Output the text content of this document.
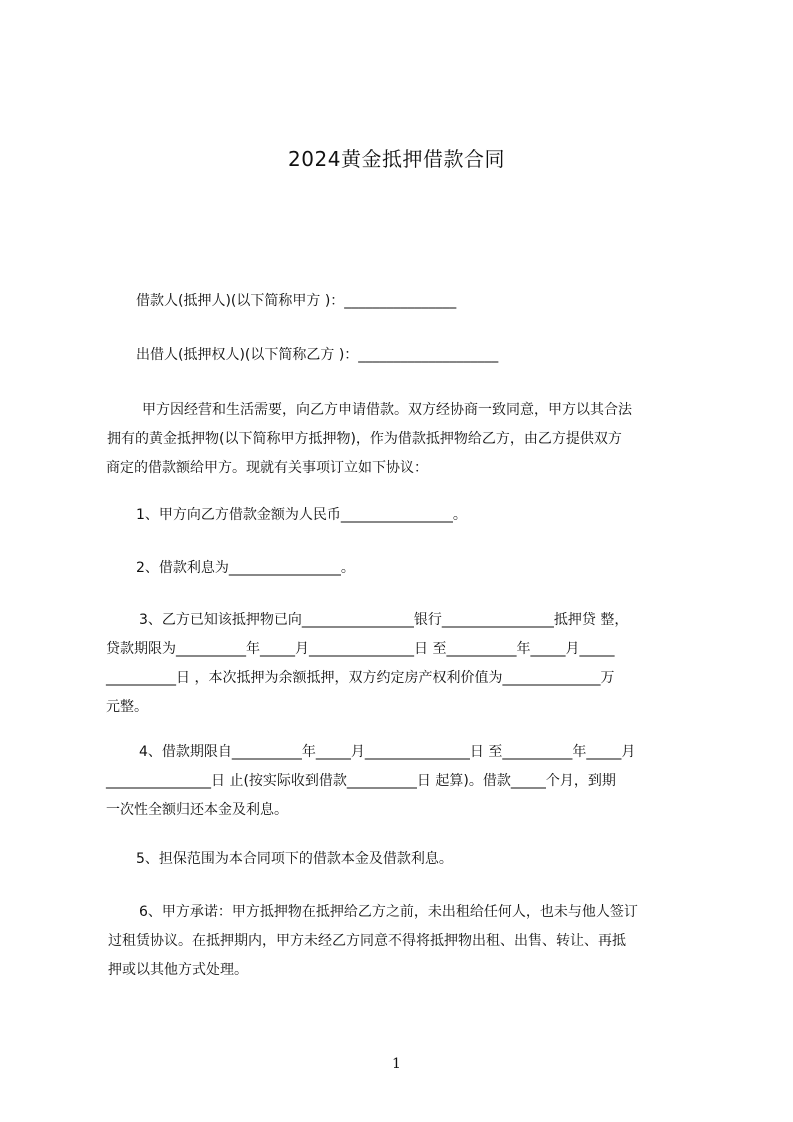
2024黄金抵押借款合同
借款人(抵押人)(以下简称甲方 )：________________
出借人(抵押权人)(以下简称乙方 )：____________________
甲方因经营和生活需要，向乙方申请借款。双方经协商一致同意，甲方以其合法
拥有的黄金抵押物(以下简称甲方抵押物)，作为借款抵押物给乙方，由乙方提供双方
商定的借款额给甲方。现就有关事项订立如下协议：
1、甲方向乙方借款金额为人民币________________。
2、借款利息为________________。
3、乙方已知该抵押物已向________________银行________________抵押贷 整，
贷款期限为__________年_____月_______________日 至__________年_____月_____
__________日 ，本次抵押为余额抵押，双方约定房产权利价值为______________万
元整。
4、借款期限自__________年_____月_______________日 至__________年_____月
_______________日 止(按实际收到借款__________日 起算)。借款_____个月，到期
一次性全额归还本金及利息。
5、担保范围为本合同项下的借款本金及借款利息。
6、甲方承诺：甲方抵押物在抵押给乙方之前，未出租给任何人，也未与他人签订
过租赁协议。在抵押期内，甲方未经乙方同意不得将抵押物出租、出售、转让、再抵
押或以其他方式处理。
1
